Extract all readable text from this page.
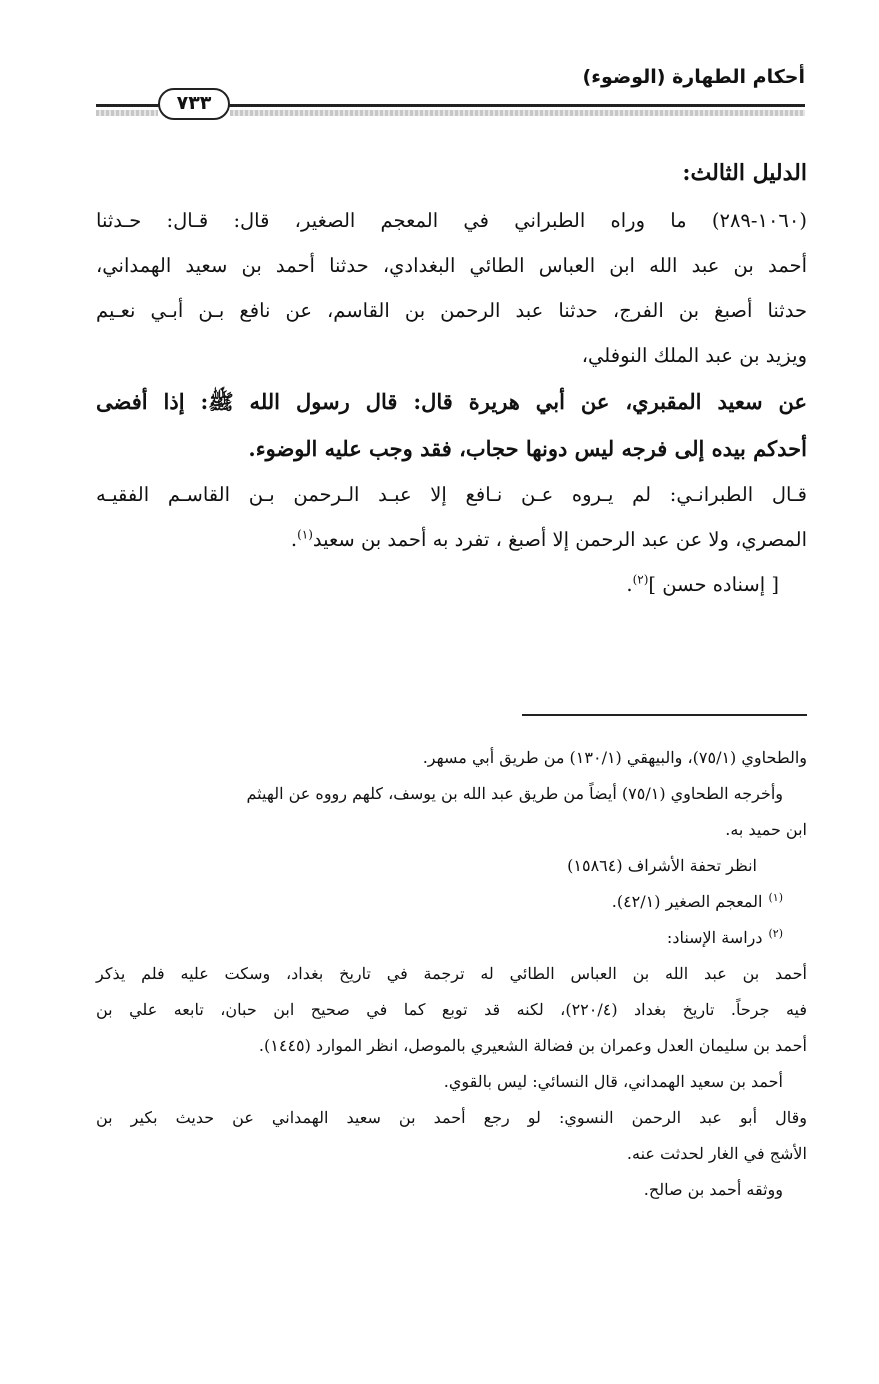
أحكام الطهارة (الوضوء)
٧٣٣

الدليل الثالث:

(١٠٦٠-٢٨٩) ما وراه الطبراني في المعجم الصغير، قال: قـال: حـدثنا
أحمد بن عبد الله ابن العباس الطائي البغدادي، حدثنا أحمد بن سعيد الهمداني،
حدثنا أصبغ بن الفرج، حدثنا عبد الرحمن بن القاسم، عن نافع بـن أبـي نعـيم
ويزيد بن عبد الملك النوفلي،

عن سعيد المقبري، عن أبي هريرة قال: قال رسول الله ﷺ: إذا أفضى
أحدكم بيده إلى فرجه ليس دونها حجاب، فقد وجب عليه الوضوء.

قـال الطبرانـي: لم يـروه عـن نـافع إلا عبـد الـرحمن بـن القاسـم الفقيـه
المصري، ولا عن عبد الرحمن إلا أصبغ ، تفرد به أحمد بن سعيد$^{(١)}$.
[ إسناده حسن ]$^{(٢)}$.

والطحاوي (٧٥/١)، والبيهقي (١٣٠/١) من طريق أبي مسهر.

وأخرجه الطحاوي (٧٥/١) أيضاً من طريق عبد الله بن يوسف، كلهم رووه عن الهيثم

ابن حميد به.

انظر تحفة الأشراف (١٥٨٦٤)

$^{(١)}$المعجم الصغير (٤٢/١).

$^{(٢)}$دراسة الإسناد:

أحمد بن عبد الله بن العباس الطائي له ترجمة في تاريخ بغداد، وسكت عليه فلم يذكر
فيه جرحاً. تاريخ بغداد (٢٢٠/٤)، لكنه قد توبع كما في صحيح ابن حبان، تابعه علي بن
أحمد بن سليمان العدل وعمران بن فضالة الشعيري بالموصل، انظر الموارد (١٤٤٥).
أحمد بن سعيد الهمداني، قال النسائي: ليس بالقوي.
وقال أبو عبد الرحمن النسوي: لو رجع أحمد بن سعيد الهمداني عن حديث بكير بن
الأشج في الغار لحدثت عنه.
ووثقه أحمد بن صالح.
